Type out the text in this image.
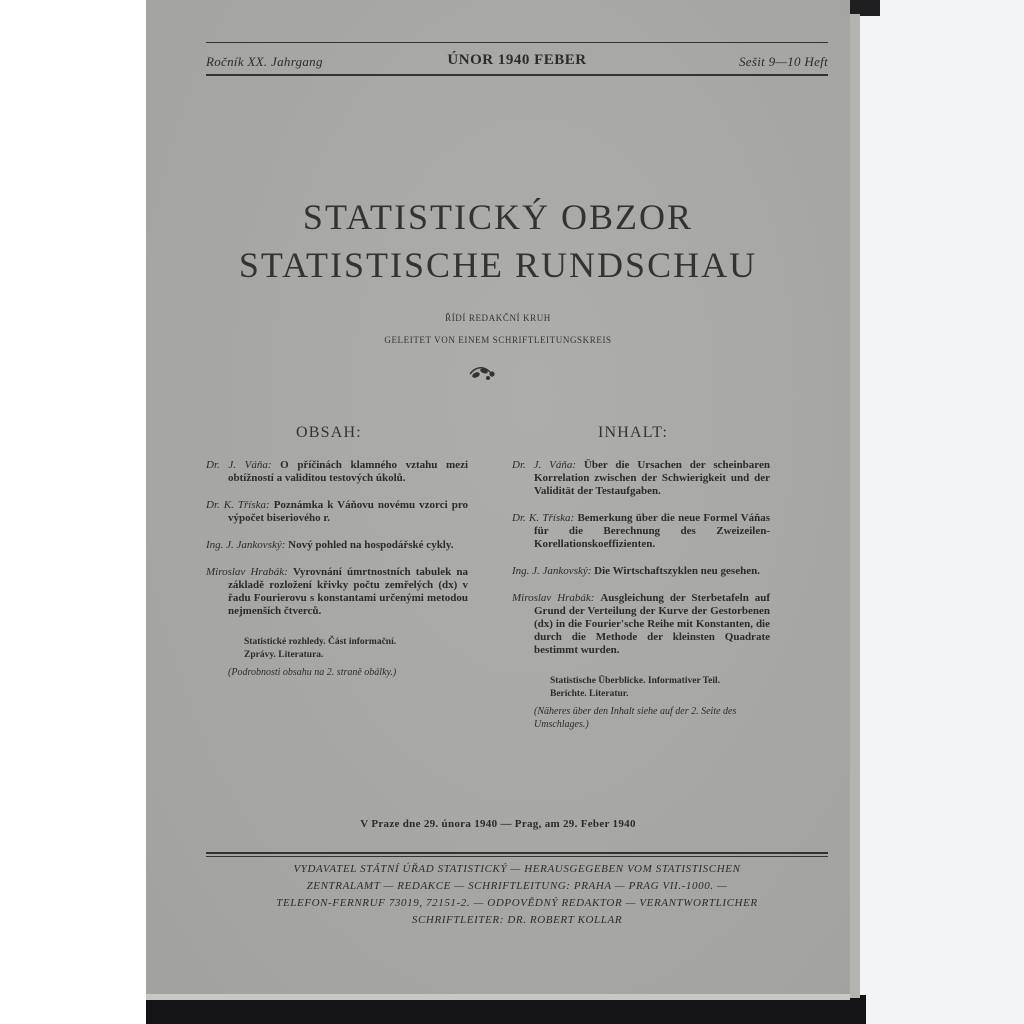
Ročník XX. Jahrgang	ÚNOR 1940 FEBER	Sešit 9—10 Heft
STATISTICKÝ OBZOR
STATISTISCHE RUNDSCHAU
ŘÍDÍ REDAKČNÍ KRUH
GELEITET VON EINEM SCHRIFTLEITUNGSKREIS
OBSAH:	INHALT:
Dr. J. Váňa: O příčinách klamného vztahu mezi obtížností a validitou testových úkolů.
Dr. K. Tříska: Poznámka k Váňovu novému vzorci pro výpočet biseriového r.
Ing. J. Jankovský: Nový pohled na hospodářské cykly.
Miroslav Hrabák: Vyrovnání úmrtnostních tabulek na základě rozložení křivky počtu zemřelých (dx) v řadu Fourierovu s konstantami určenými metodou nejmenších čtverců.
Statistické rozhledy. Část informační.
Zprávy. Literatura.
(Podrobnosti obsahu na 2. straně obálky.)
Dr. J. Váňa: Über die Ursachen der scheinbaren Korrelation zwischen der Schwierigkeit und der Validität der Testaufgaben.
Dr. K. Tříska: Bemerkung über die neue Formel Váňas für die Berechnung des Zweizeilen-Korellationskoeffizienten.
Ing. J. Jankovský: Die Wirtschaftszyklen neu gesehen.
Miroslav Hrabák: Ausgleichung der Sterbetafeln auf Grund der Verteilung der Kurve der Gestorbenen (dx) in die Fourier'sche Reihe mit Konstanten, die durch die Methode der kleinsten Quadrate bestimmt wurden.
Statistische Überblicke. Informativer Teil.
Berichte. Literatur.
(Näheres über den Inhalt siehe auf der 2. Seite des Umschlages.)
V Praze dne 29. února 1940 — Prag, am 29. Feber 1940
VYDAVATEL STÁTNÍ ÚŘAD STATISTICKÝ — HERAUSGEGEBEN VOM STATISTISCHEN
ZENTRALAMT — REDAKCE — SCHRIFTLEITUNG: PRAHA — PRAG VII.-1000. —
TELEFON-FERNRUF 73019, 72151-2. — ODPOVĚDNÝ REDAKTOR — VERANTWORTLICHER
SCHRIFTLEITER: DR. ROBERT KOLLAR
